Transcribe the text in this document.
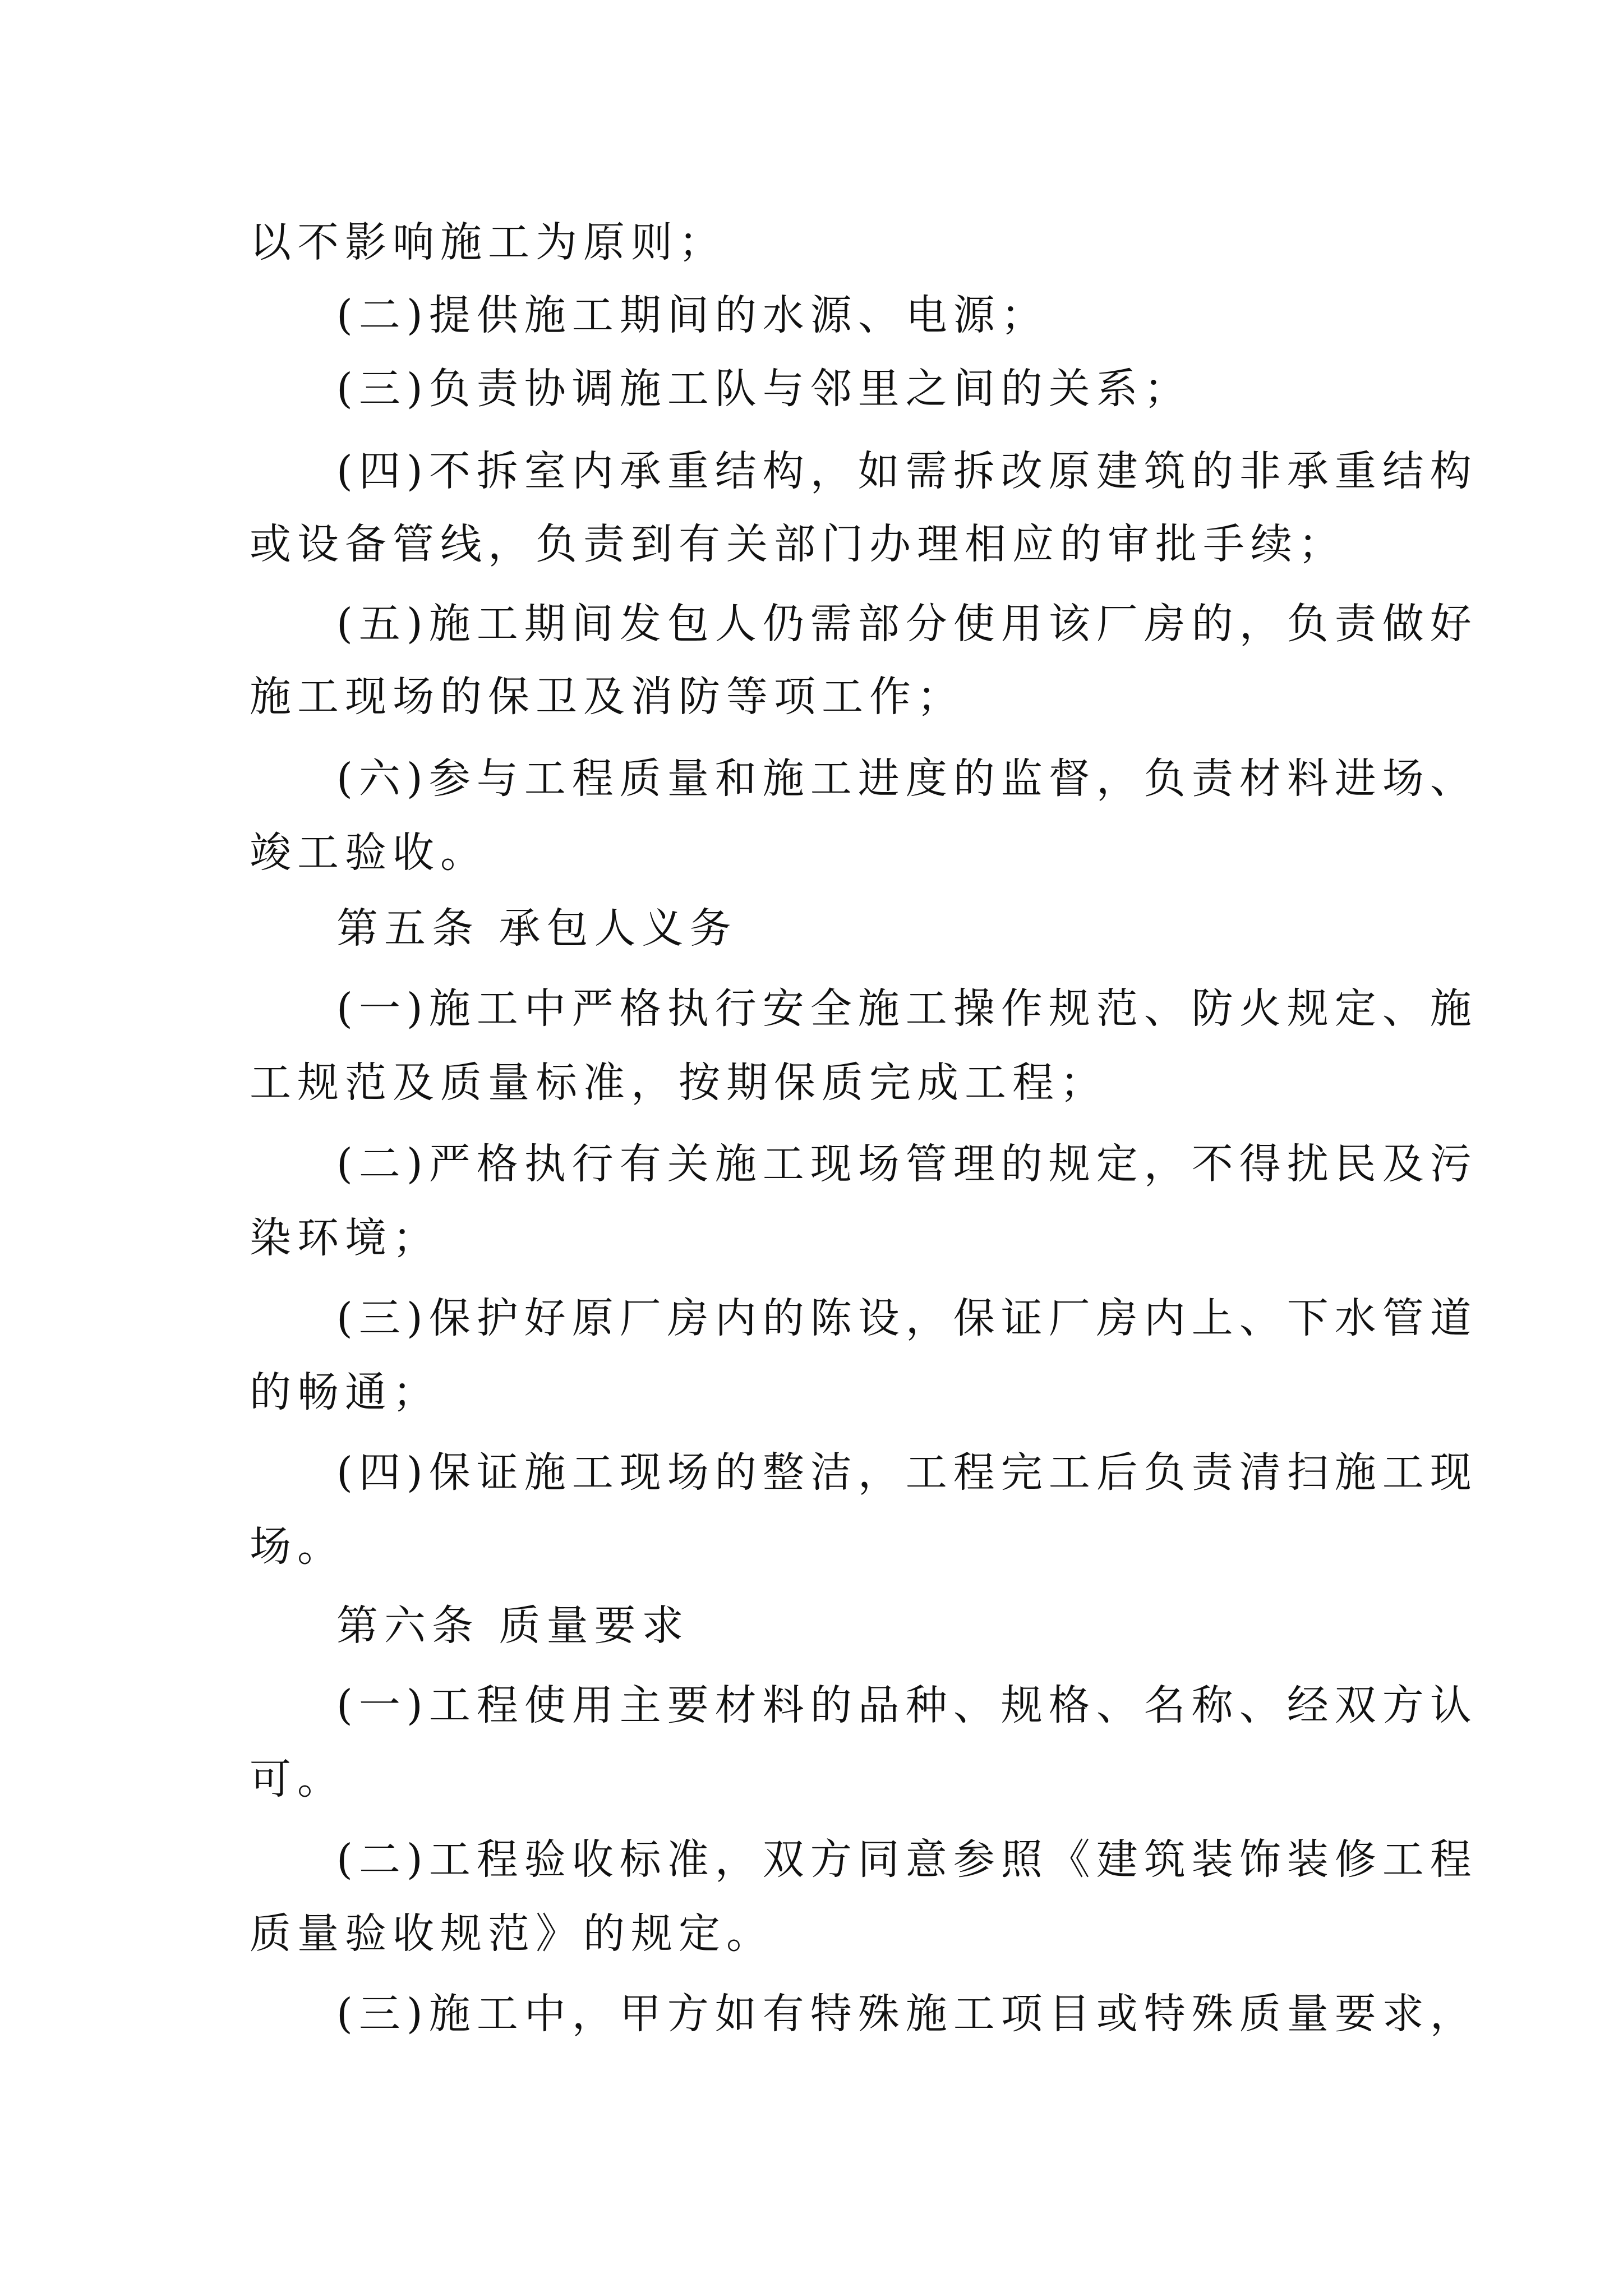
以不影响施工为原则；
(二)提供施工期间的水源、电源；
(三)负责协调施工队与邻里之间的关系；
(四)不拆室内承重结构，如需拆改原建筑的非承重结构
或设备管线，负责到有关部门办理相应的审批手续；
(五)施工期间发包人仍需部分使用该厂房的，负责做好
施工现场的保卫及消防等项工作；
(六)参与工程质量和施工进度的监督，负责材料进场、
竣工验收。
第五条 承包人义务
(一)施工中严格执行安全施工操作规范、防火规定、施
工规范及质量标准，按期保质完成工程；
(二)严格执行有关施工现场管理的规定，不得扰民及污
染环境；
(三)保护好原厂房内的陈设，保证厂房内上、下水管道
的畅通；
(四)保证施工现场的整洁，工程完工后负责清扫施工现
场。
第六条 质量要求
(一)工程使用主要材料的品种、规格、名称、经双方认
可。
(二)工程验收标准，双方同意参照《建筑装饰装修工程
质量验收规范》的规定。
(三)施工中，甲方如有特殊施工项目或特殊质量要求，
